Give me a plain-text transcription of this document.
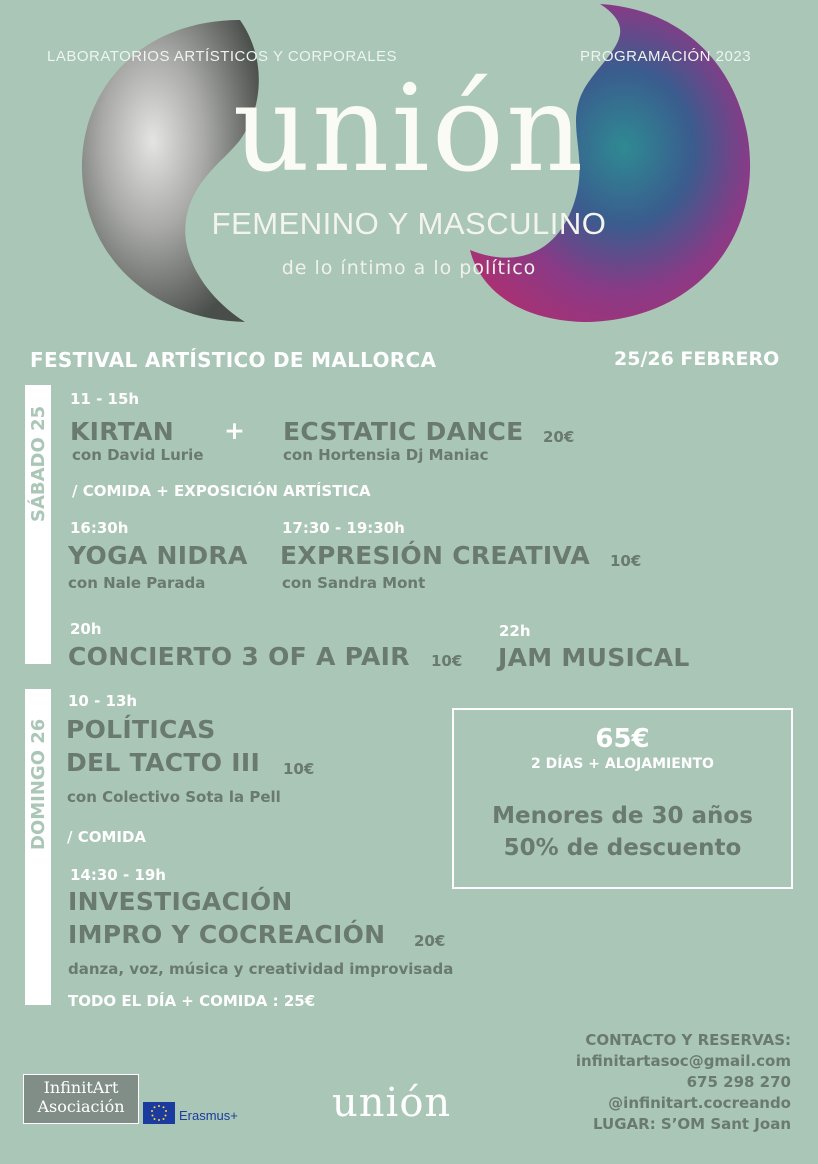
LABORATORIOS ARTÍSTICOS Y CORPORALES	PROGRAMACIÓN 2023
unión
FEMENINO Y MASCULINO
de lo íntimo a lo político
FESTIVAL ARTÍSTICO DE MALLORCA	25/26 FEBRERO
SÁBADO 25
11 - 15h
KIRTAN +
con David Lurie
ECSTATIC DANCE 20€
con Hortensia Dj Maniac
/ COMIDA + EXPOSICIÓN ARTÍSTICA
16:30h
YOGA NIDRA
con Nale Parada
17:30 - 19:30h
EXPRESIÓN CREATIVA 10€
con Sandra Mont
20h
CONCIERTO 3 OF A PAIR 10€
22h
JAM MUSICAL
DOMINGO 26
10 - 13h
POLÍTICAS
DEL TACTO III 10€
con Colectivo Sota la Pell
/ COMIDA
14:30 - 19h
INVESTIGACIÓN
IMPRO Y COCREACIÓN 20€
danza, voz, música y creatividad improvisada
TODO EL DÍA + COMIDA : 25€
65€
2 DÍAS + ALOJAMIENTO
Menores de 30 años
50% de descuento
CONTACTO Y RESERVAS:
infinitartasoc@gmail.com
675 298 270
@infinitart.cocreando
LUGAR: S’OM Sant Joan
InfinitArt
Asociación	Erasmus+ unión
